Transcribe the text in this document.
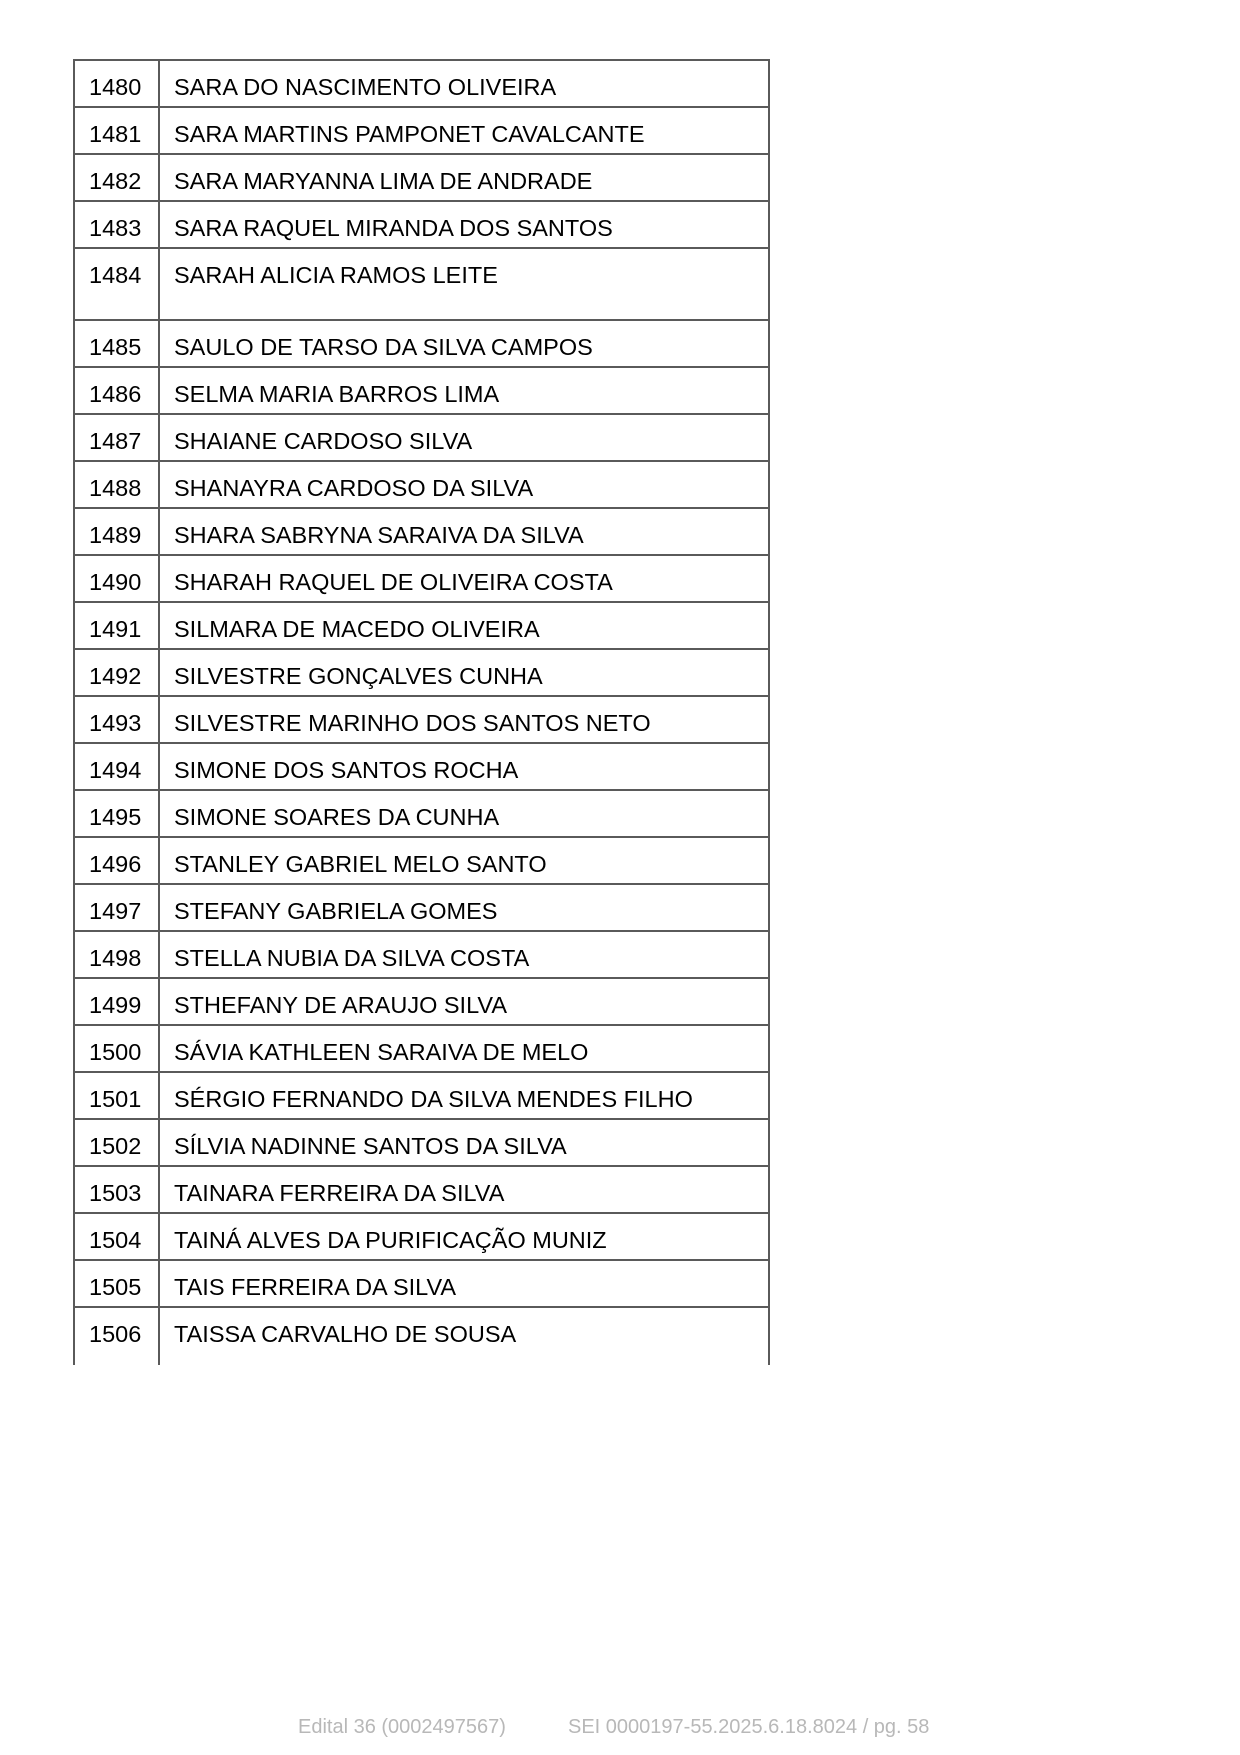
1480	SARA DO NASCIMENTO OLIVEIRA
1481	SARA MARTINS PAMPONET CAVALCANTE
1482	SARA MARYANNA LIMA DE ANDRADE
1483	SARA RAQUEL MIRANDA DOS SANTOS
1484	SARAH ALICIA RAMOS LEITE
1485	SAULO DE TARSO DA SILVA CAMPOS
1486	SELMA MARIA BARROS LIMA
1487	SHAIANE CARDOSO SILVA
1488	SHANAYRA CARDOSO DA SILVA
1489	SHARA SABRYNA SARAIVA DA SILVA
1490	SHARAH RAQUEL DE OLIVEIRA COSTA
1491	SILMARA DE MACEDO OLIVEIRA
1492	SILVESTRE GONÇALVES CUNHA
1493	SILVESTRE MARINHO DOS SANTOS NETO
1494	SIMONE DOS SANTOS ROCHA
1495	SIMONE SOARES DA CUNHA
1496	STANLEY GABRIEL MELO SANTO
1497	STEFANY GABRIELA GOMES
1498	STELLA NUBIA DA SILVA COSTA
1499	STHEFANY DE ARAUJO SILVA
1500	SÁVIA KATHLEEN SARAIVA DE MELO
1501	SÉRGIO FERNANDO DA SILVA MENDES FILHO
1502	SÍLVIA NADINNE SANTOS DA SILVA
1503	TAINARA FERREIRA DA SILVA
1504	TAINÁ ALVES DA PURIFICAÇÃO MUNIZ
1505	TAIS FERREIRA DA SILVA
1506	TAISSA CARVALHO DE SOUSA
Edital 36 (0002497567)	SEI 0000197-55.2025.6.18.8024 / pg. 58
